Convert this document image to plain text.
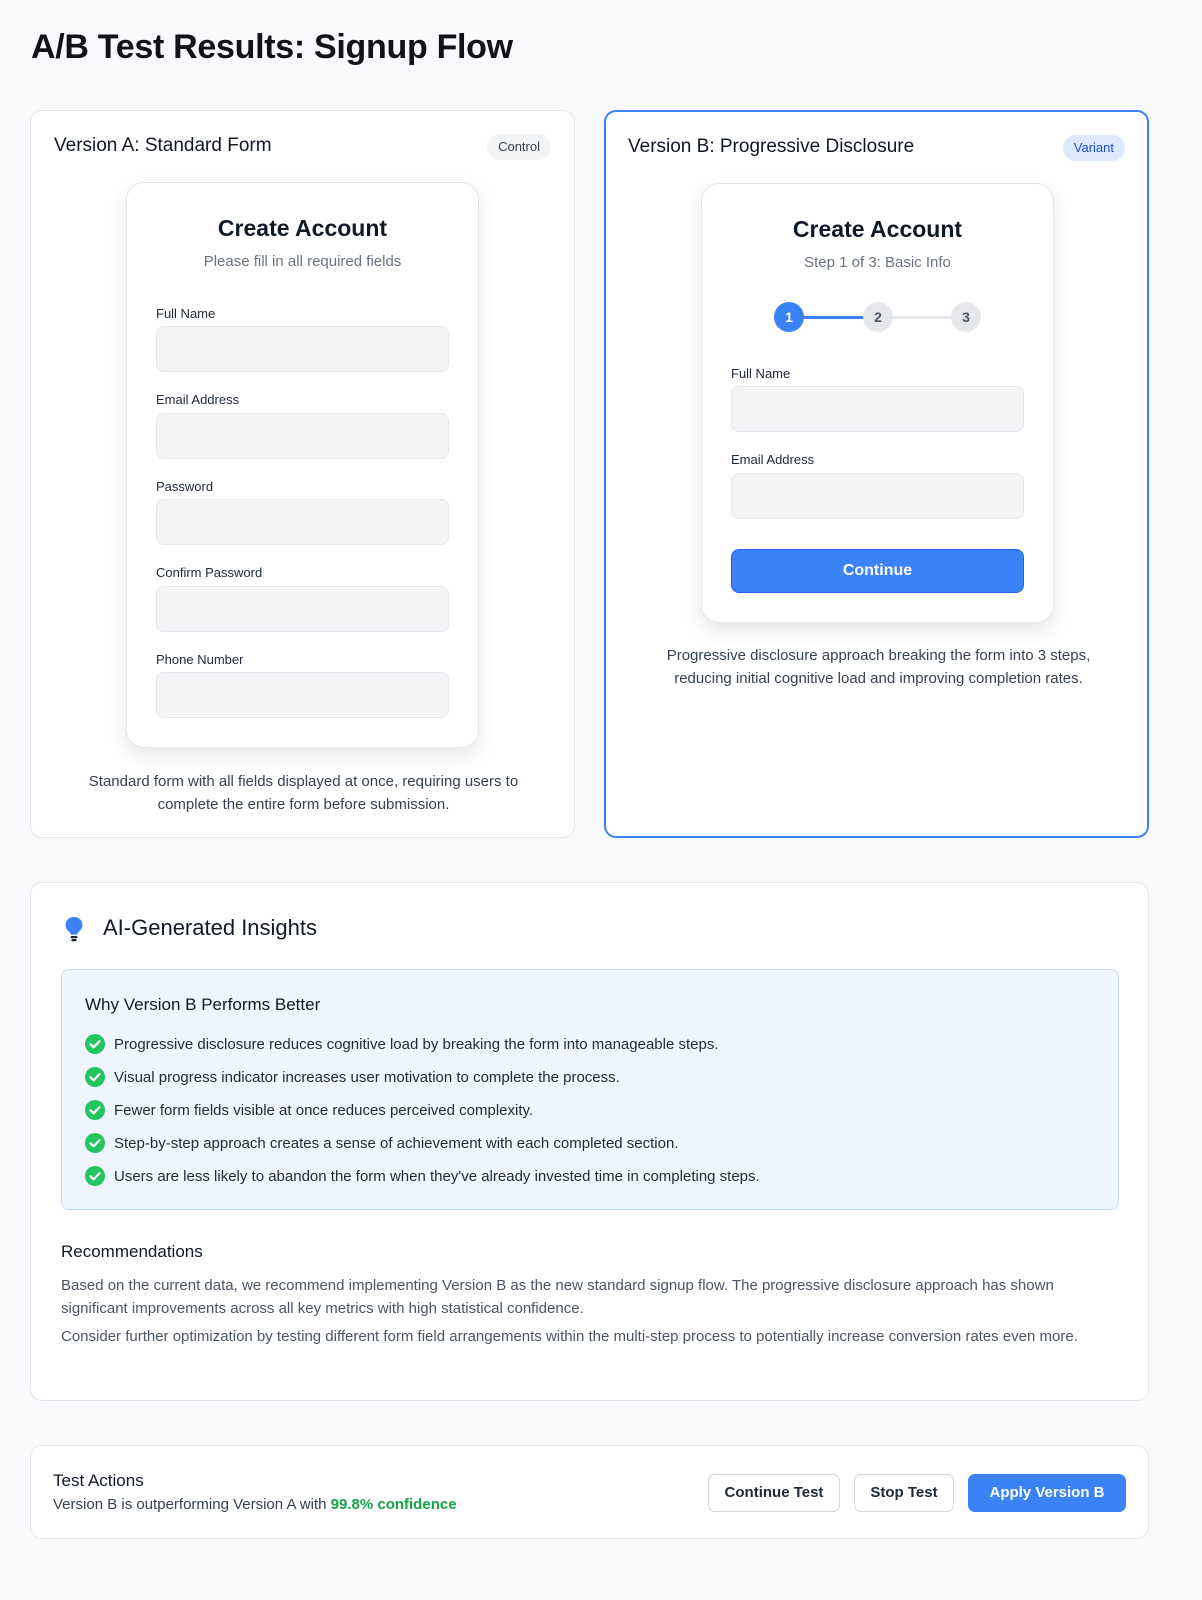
A/B Test Results: Signup Flow
Version A: Standard Form	Control
Create Account
Please fill in all required fields
Full Name
Email Address
Password
Confirm Password
Phone Number
Standard form with all fields displayed at once, requiring users to complete the entire form before submission.
Version B: Progressive Disclosure	Variant
Create Account
Step 1 of 3: Basic Info
1	2	3
Full Name
Email Address
Continue
Progressive disclosure approach breaking the form into 3 steps, reducing initial cognitive load and improving completion rates.
AI-Generated Insights
Why Version B Performs Better
Progressive disclosure reduces cognitive load by breaking the form into manageable steps.
Visual progress indicator increases user motivation to complete the process.
Fewer form fields visible at once reduces perceived complexity.
Step-by-step approach creates a sense of achievement with each completed section.
Users are less likely to abandon the form when they've already invested time in completing steps.
Recommendations
Based on the current data, we recommend implementing Version B as the new standard signup flow. The progressive disclosure approach has shown significant improvements across all key metrics with high statistical confidence.
Consider further optimization by testing different form field arrangements within the multi-step process to potentially increase conversion rates even more.
Test Actions
Version B is outperforming Version A with 99.8% confidence
Continue Test	Stop Test	Apply Version B
